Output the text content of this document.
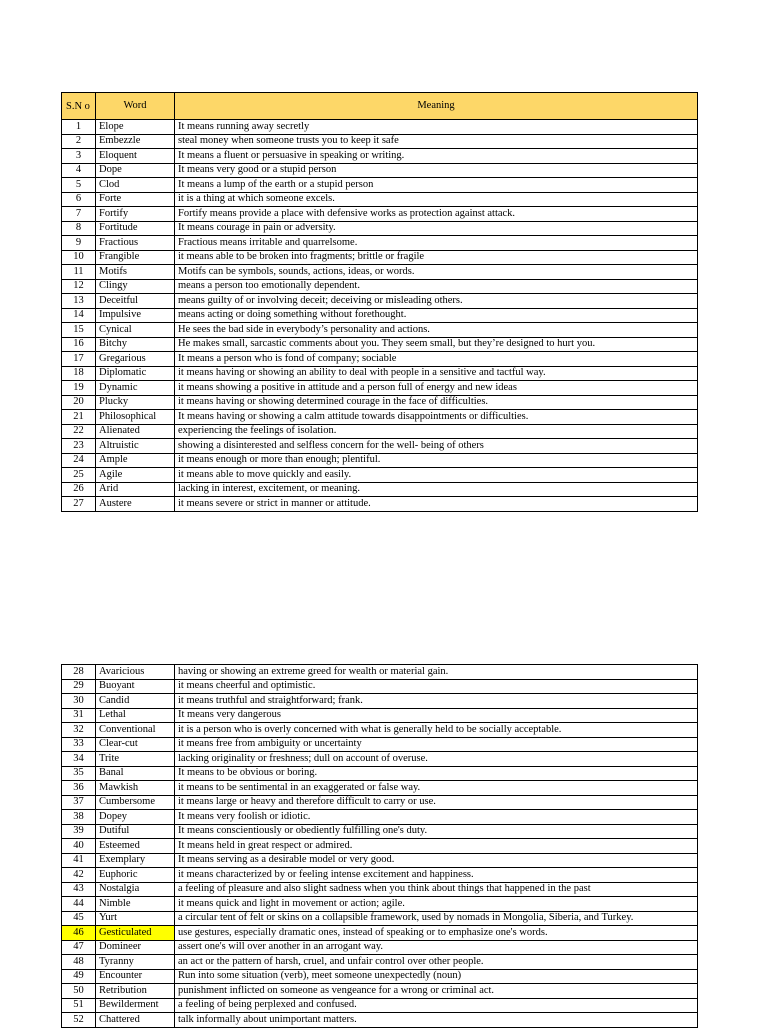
S.N o	Word	Meaning
1	Elope	It means running away secretly
2	Embezzle	steal money when someone trusts you to keep it safe
3	Eloquent	It means a fluent or persuasive in speaking or writing.
4	Dope	It means very good or a stupid person
5	Clod	It means a lump of the earth or a stupid person
6	Forte	it is a thing at which someone excels.
7	Fortify	Fortify means provide a place with defensive works as protection against attack.
8	Fortitude	It means courage in pain or adversity.
9	Fractious	Fractious means irritable and quarrelsome.
10	Frangible	it means able to be broken into fragments; brittle or fragile
11	Motifs	Motifs can be symbols, sounds, actions, ideas, or words.
12	Clingy	means a person too emotionally dependent.
13	Deceitful	means guilty of or involving deceit; deceiving or misleading others.
14	Impulsive	means acting or doing something without forethought.
15	Cynical	He sees the bad side in everybody’s personality and actions.
16	Bitchy	He makes small, sarcastic comments about you. They seem small, but they’re designed to hurt you.
17	Gregarious	It means a person who is fond of company; sociable
18	Diplomatic	it means having or showing an ability to deal with people in a sensitive and tactful way.
19	Dynamic	it means showing a positive in attitude and a person full of energy and new ideas
20	Plucky	it means having or showing determined courage in the face of difficulties.
21	Philosophical	It means having or showing a calm attitude towards disappointments or difficulties.
22	Alienated	experiencing the feelings of isolation.
23	Altruistic	showing a disinterested and selfless concern for the well- being of others
24	Ample	it means enough or more than enough; plentiful.
25	Agile	it means able to move quickly and easily.
26	Arid	lacking in interest, excitement, or meaning.
27	Austere	it means severe or strict in manner or attitude.
28	Avaricious	having or showing an extreme greed for wealth or material gain.
29	Buoyant	it means cheerful and optimistic.
30	Candid	it means truthful and straightforward; frank.
31	Lethal	It means very dangerous
32	Conventional	it is a person who is overly concerned with what is generally held to be socially acceptable.
33	Clear-cut	it means free from ambiguity or uncertainty
34	Trite	lacking originality or freshness; dull on account of overuse.
35	Banal	It means to be obvious or boring.
36	Mawkish	it means to be sentimental in an exaggerated or false way.
37	Cumbersome	it means large or heavy and therefore difficult to carry or use.
38	Dopey	It means very foolish or idiotic.
39	Dutiful	It means conscientiously or obediently fulfilling one's duty.
40	Esteemed	It means held in great respect or admired.
41	Exemplary	It means serving as a desirable model or very good.
42	Euphoric	it means characterized by or feeling intense excitement and happiness.
43	Nostalgia	a feeling of pleasure and also slight sadness when you think about things that happened in the past
44	Nimble	it means quick and light in movement or action; agile.
45	Yurt	a circular tent of felt or skins on a collapsible framework, used by nomads in Mongolia, Siberia, and Turkey.
46	Gesticulated	use gestures, especially dramatic ones, instead of speaking or to emphasize one's words.
47	Domineer	assert one's will over another in an arrogant way.
48	Tyranny	an act or the pattern of harsh, cruel, and unfair control over other people.
49	Encounter	Run into some situation (verb), meet someone unexpectedly (noun)
50	Retribution	punishment inflicted on someone as vengeance for a wrong or criminal act.
51	Bewilderment	a feeling of being perplexed and confused.
52	Chattered	talk informally about unimportant matters.
